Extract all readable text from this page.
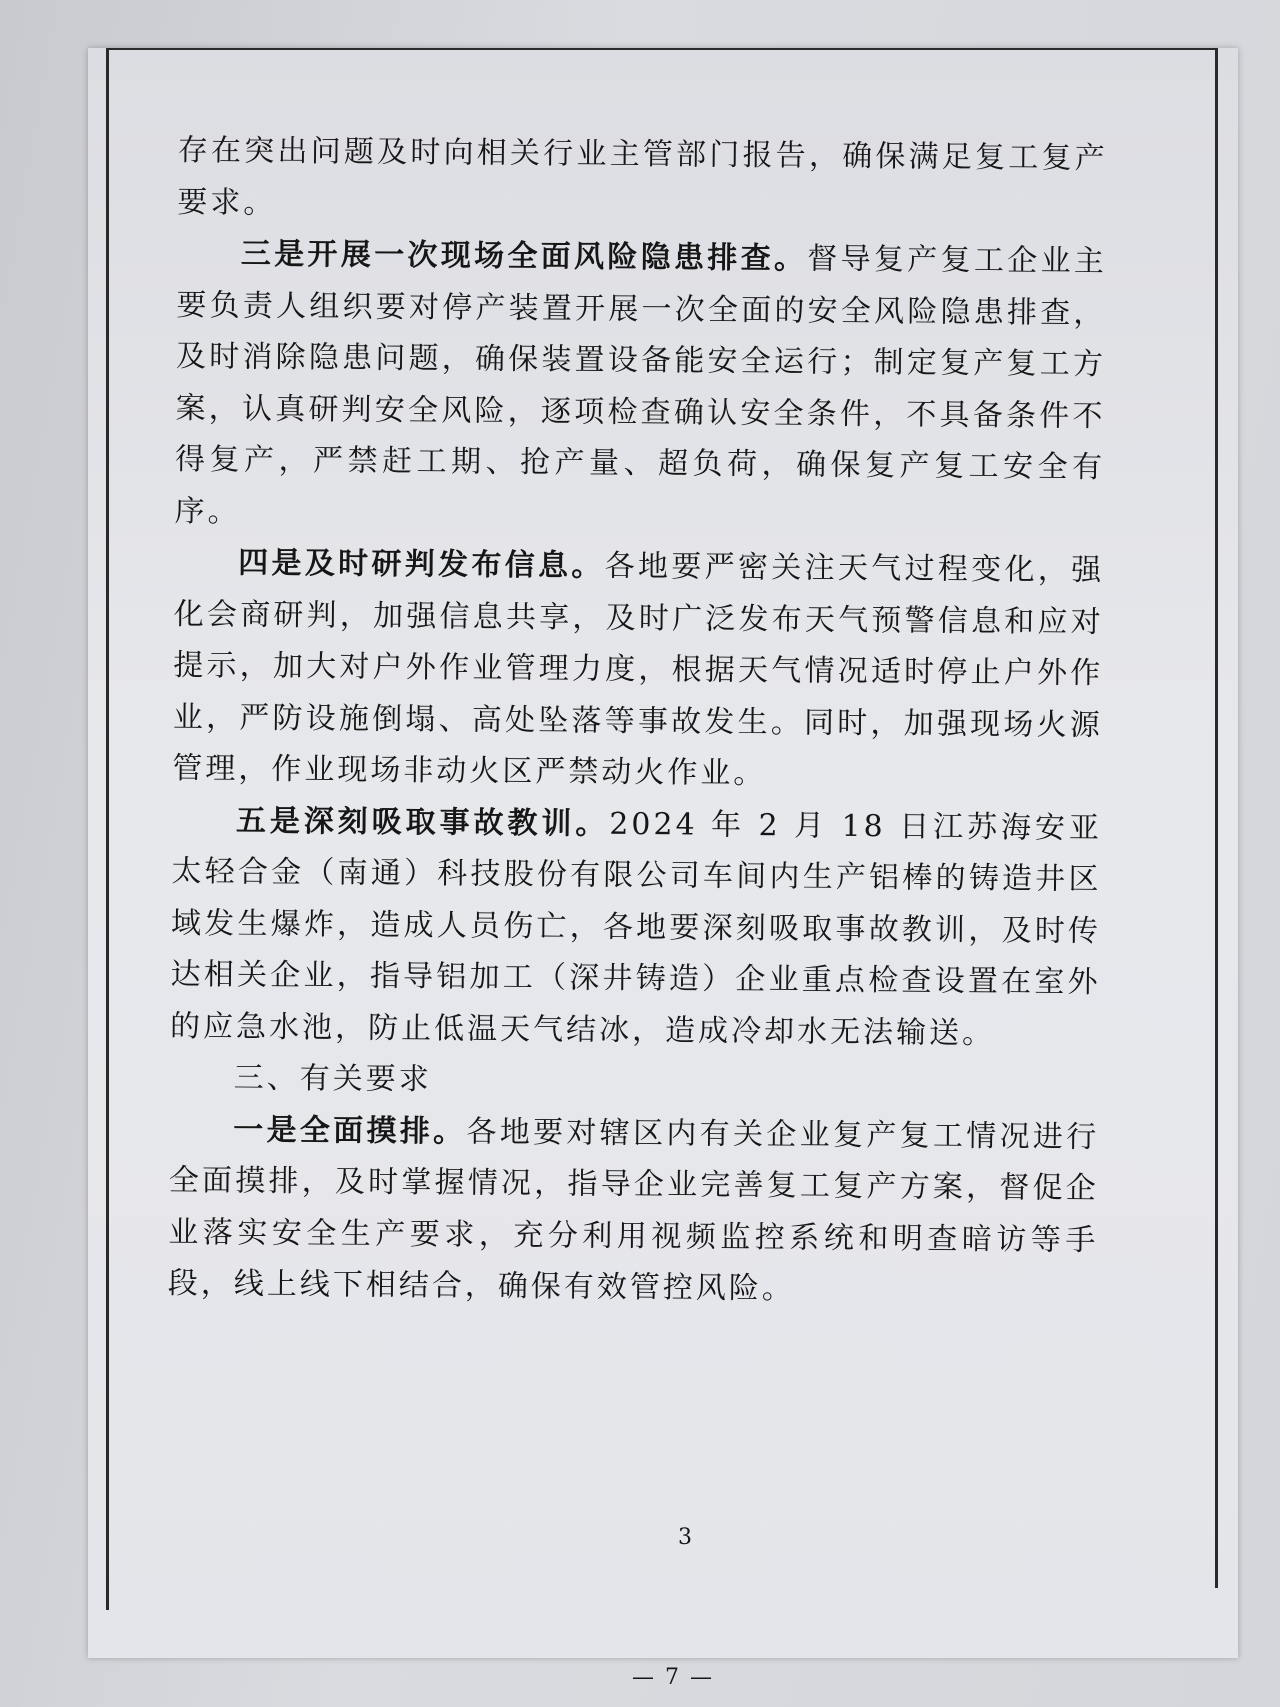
存在突出问题及时向相关行业主管部门报告，确保满足复工复产要求。

三是开展一次现场全面风险隐患排查。督导复产复工企业主要负责人组织要对停产装置开展一次全面的安全风险隐患排查，及时消除隐患问题，确保装置设备能安全运行；制定复产复工方案，认真研判安全风险，逐项检查确认安全条件，不具备条件不得复产，严禁赶工期、抢产量、超负荷，确保复产复工安全有序。

四是及时研判发布信息。各地要严密关注天气过程变化，强化会商研判，加强信息共享，及时广泛发布天气预警信息和应对提示，加大对户外作业管理力度，根据天气情况适时停止户外作业，严防设施倒塌、高处坠落等事故发生。同时，加强现场火源管理，作业现场非动火区严禁动火作业。

五是深刻吸取事故教训。2024 年 2 月 18 日江苏海安亚太轻合金（南通）科技股份有限公司车间内生产铝棒的铸造井区域发生爆炸，造成人员伤亡，各地要深刻吸取事故教训，及时传达相关企业，指导铝加工（深井铸造）企业重点检查设置在室外的应急水池，防止低温天气结冰，造成冷却水无法输送。

三、有关要求

一是全面摸排。各地要对辖区内有关企业复产复工情况进行全面摸排，及时掌握情况，指导企业完善复工复产方案，督促企业落实安全生产要求，充分利用视频监控系统和明查暗访等手段，线上线下相结合，确保有效管控风险。

3
— 7 —
